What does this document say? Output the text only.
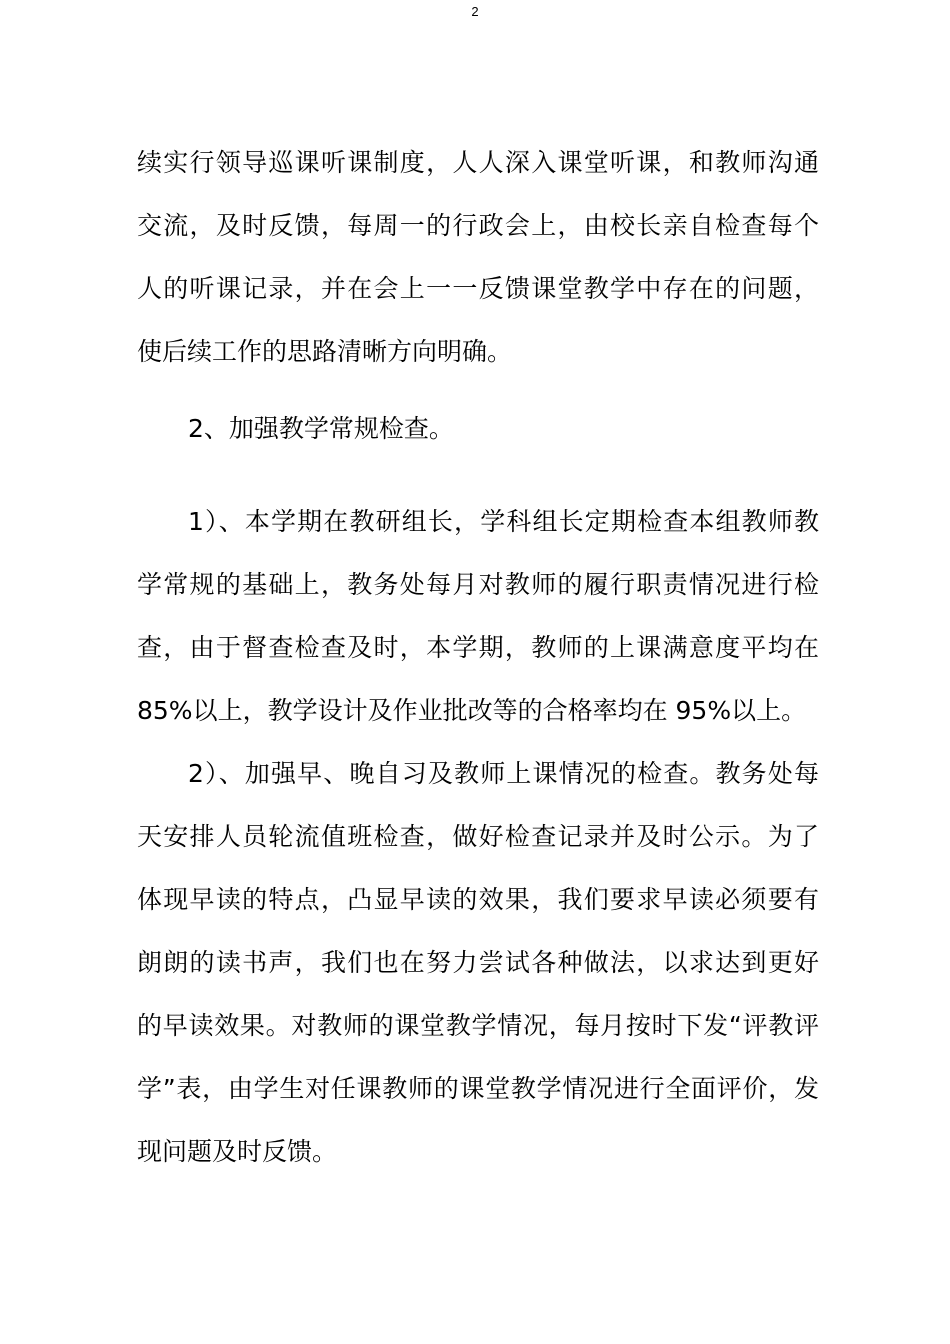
2
续实行领导巡课听课制度，人人深入课堂听课，和教师沟通
交流，及时反馈，每周一的行政会上，由校长亲自检查每个
人的听课记录，并在会上一一反馈课堂教学中存在的问题，
使后续工作的思路清晰方向明确。
2、加强教学常规检查。
1）、本学期在教研组长，学科组长定期检查本组教师教
学常规的基础上，教务处每月对教师的履行职责情况进行检
查，由于督查检查及时，本学期，教师的上课满意度平均在
85%以上，教学设计及作业批改等的合格率均在 95%以上。
2）、加强早、晚自习及教师上课情况的检查。教务处每
天安排人员轮流值班检查，做好检查记录并及时公示。为了
体现早读的特点，凸显早读的效果，我们要求早读必须要有
朗朗的读书声，我们也在努力尝试各种做法，以求达到更好
的早读效果。对教师的课堂教学情况，每月按时下发“评教评
学”表，由学生对任课教师的课堂教学情况进行全面评价，发
现问题及时反馈。
